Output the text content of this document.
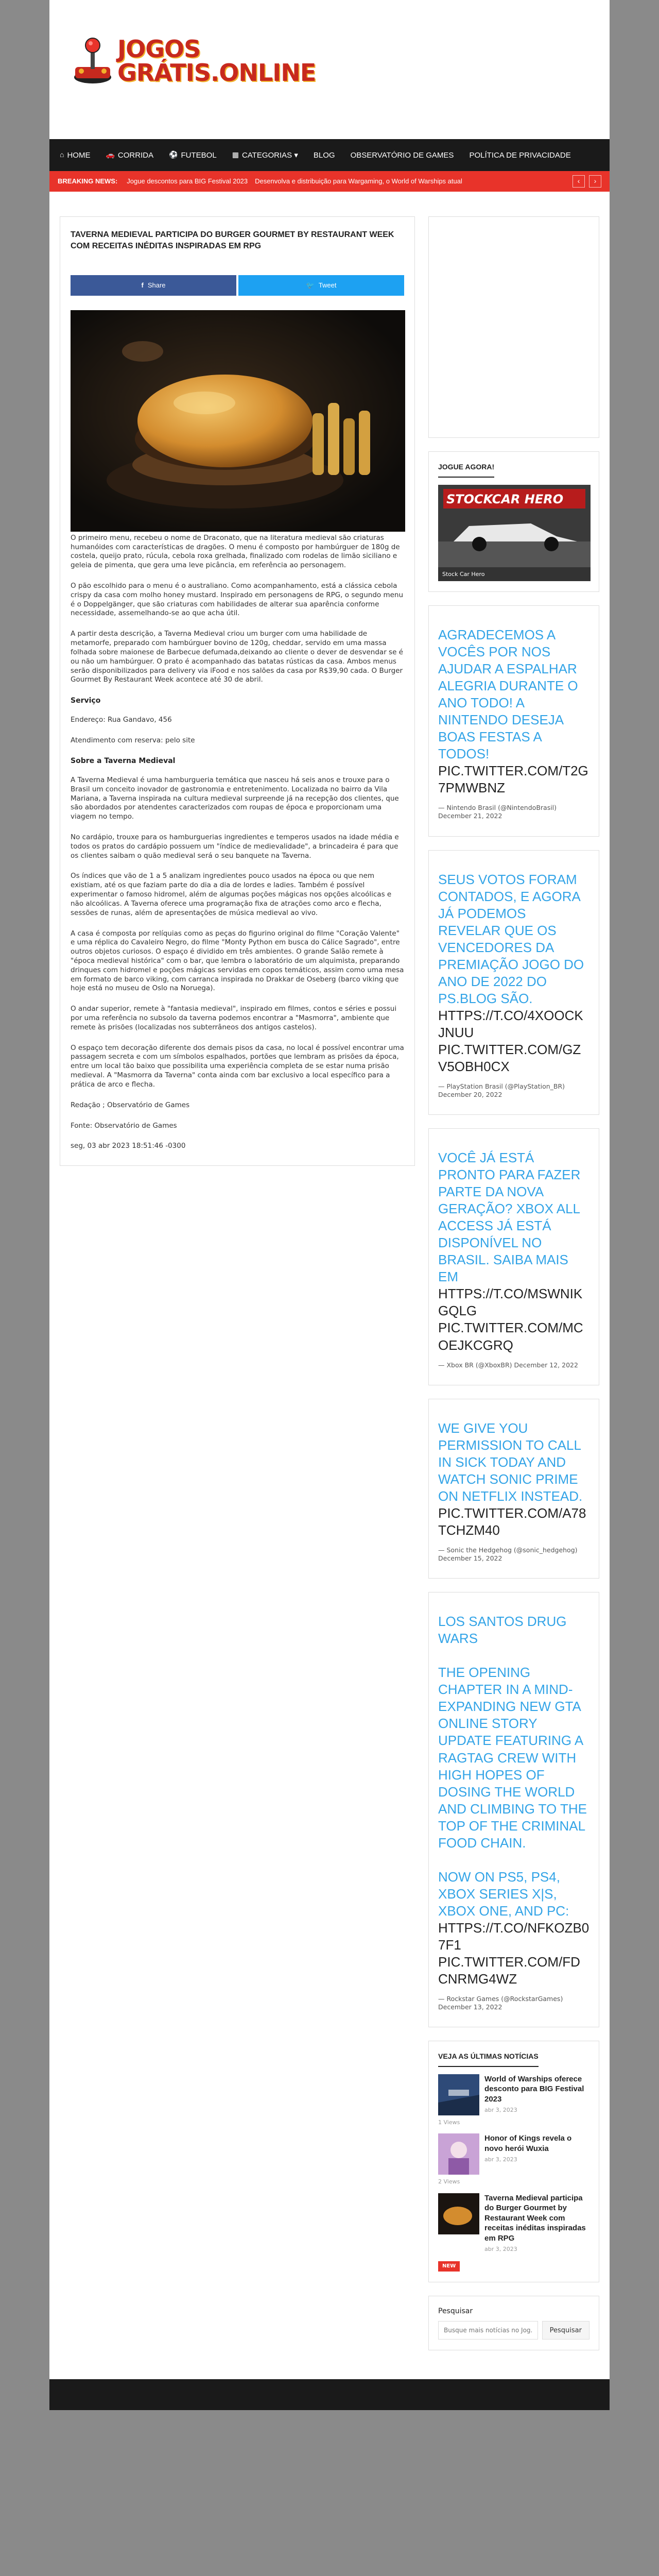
JOGOS
GRÁTIS.ONLINE
⌂ HOME 🚗 CORRIDA ⚽ FUTEBOL ▦ CATEGORIAS ▾ BLOG OBSERVATÓRIO DE GAMES POLÍTICA DE PRIVACIDADE
BREAKING NEWS: Jogue descontos para BIG Festival 2023 Desenvolva e distribuição para Wargaming, o World of Warships atual	‹	›
TAVERNA MEDIEVAL PARTICIPA DO BURGER GOURMET BY RESTAURANT WEEK COM RECEITAS INÉDITAS INSPIRADAS EM RPG
f Share	🐦 Tweet

O primeiro menu, recebeu o nome de Draconato, que na literatura medieval são criaturas humanóides com características de dragões. O menu é composto por hambúrguer de 180g de costela, queijo prato, rúcula, cebola roxa grelhada, finalizado com rodelas de limão siciliano e geleia de pimenta, que gera uma leve picância, em referência ao personagem.

O pão escolhido para o menu é o australiano. Como acompanhamento, está a clássica cebola crispy da casa com molho honey mustard. Inspirado em personagens de RPG, o segundo menu é o Doppelgänger, que são criaturas com habilidades de alterar sua aparência conforme necessidade, assemelhando-se ao que acha útil.

A partir desta descrição, a Taverna Medieval criou um burger com uma habilidade de metamorfe, preparado com hambúrguer bovino de 120g, cheddar, servido em uma massa folhada sobre maionese de Barbecue defumada,deixando ao cliente o dever de desvendar se é ou não um hambúrguer. O prato é acompanhado das batatas rústicas da casa. Ambos menus serão disponibilizados para delivery via iFood e nos salões da casa por R$39,90 cada. O Burger Gourmet By Restaurant Week acontece até 30 de abril.

Serviço

Endereço: Rua Gandavo, 456

Atendimento com reserva: pelo site

Sobre a Taverna Medieval

A Taverna Medieval é uma hamburgueria temática que nasceu há seis anos e trouxe para o Brasil um conceito inovador de gastronomia e entretenimento. Localizada no bairro da Vila Mariana, a Taverna inspirada na cultura medieval surpreende já na recepção dos clientes, que são abordados por atendentes caracterizados com roupas de época e proporcionam uma viagem no tempo.

No cardápio, trouxe para os hamburguerias ingredientes e temperos usados na idade média e todos os pratos do cardápio possuem um "índice de medievalidade", a brincadeira é para que os clientes saibam o quão medieval será o seu banquete na Taverna.

Os índices que vão de 1 a 5 analizam ingredientes pouco usados na época ou que nem existiam, até os que faziam parte do dia a dia de lordes e ladies. Também é possível experimentar o famoso hidromel, além de algumas poções mágicas nos opções alcoólicas e não alcoólicas. A Taverna oferece uma programação fixa de atrações como arco e flecha, sessões de runas, além de apresentações de música medieval ao vivo.

A casa é composta por relíquias como as peças do figurino original do filme "Coração Valente" e uma réplica do Cavaleiro Negro, do filme "Monty Python em busca do Cálice Sagrado", entre outros objetos curiosos. O espaço é dividido em três ambientes. O grande Salão remete à "época medieval histórica" com o bar, que lembra o laboratório de um alquimista, preparando drinques com hidromel e poções mágicas servidas em copos temáticos, assim como uma mesa em formato de barco viking, com carranca inspirada no Drakkar de Oseberg (barco viking que hoje está no museu de Oslo na Noruega).

O andar superior, remete à "fantasia medieval", inspirado em filmes, contos e séries e possui por uma referência no subsolo da taverna podemos encontrar a "Masmorra", ambiente que remete às prisões (localizadas nos subterrâneos dos antigos castelos).

O espaço tem decoração diferente dos demais pisos da casa, no local é possível encontrar uma passagem secreta e com um símbolos espalhados, portões que lembram as prisões da época, entre um local tão baixo que possibilita uma experiência completa de se estar numa prisão medieval. A "Masmorra da Taverna" conta ainda com bar exclusivo a local específico para a prática de arco e flecha.

Redação ; Observatório de Games

Fonte: Observatório de Games

seg, 03 abr 2023 18:51:46 -0300

JOGUE AGORA!
STOCKCAR HERO
Stock Car Hero
AGRADECEMOS A VOCÊS POR NOS AJUDAR A ESPALHAR ALEGRIA DURANTE O ANO TODO! A NINTENDO DESEJA BOAS FESTAS A TODOS!
PIC.TWITTER.COM/T2G7PMWBNZ
— Nintendo Brasil (@NintendoBrasil) December 21, 2022
SEUS VOTOS FORAM CONTADOS, E AGORA JÁ PODEMOS REVELAR QUE OS VENCEDORES DA PREMIAÇÃO JOGO DO ANO DE 2022 DO PS.BLOG SÃO.
HTTPS://T.CO/4XOOCKJNUU PIC.TWITTER.COM/GZV5OBH0CX
— PlayStation Brasil (@PlayStation_BR) December 20, 2022
VOCÊ JÁ ESTÁ PRONTO PARA FAZER PARTE DA NOVA GERAÇÃO? XBOX ALL ACCESS JÁ ESTÁ DISPONÍVEL NO BRASIL. SAIBA MAIS EM
HTTPS://T.CO/MSWNIKGQLG PIC.TWITTER.COM/MCOEJKCGRQ
— Xbox BR (@XboxBR) December 12, 2022
WE GIVE YOU PERMISSION TO CALL IN SICK TODAY AND WATCH SONIC PRIME ON NETFLIX INSTEAD.
PIC.TWITTER.COM/A78TCHZM40
— Sonic the Hedgehog (@sonic_hedgehog) December 15, 2022
LOS SANTOS DRUG WARS

THE OPENING CHAPTER IN A MIND-EXPANDING NEW GTA ONLINE STORY UPDATE FEATURING A RAGTAG CREW WITH HIGH HOPES OF DOSING THE WORLD AND CLIMBING TO THE TOP OF THE CRIMINAL FOOD CHAIN.

NOW ON PS5, PS4, XBOX SERIES X|S, XBOX ONE, AND PC:
HTTPS://T.CO/NFKOZB07F1 PIC.TWITTER.COM/FDCNRMG4WZ
— Rockstar Games (@RockstarGames) December 13, 2022
VEJA AS ÚLTIMAS NOTÍCIAS
World of Warships oferece desconto para BIG Festival 2023
abr 3, 2023
1 Views
Honor of Kings revela o novo herói Wuxia
abr 3, 2023
2 Views
Taverna Medieval participa do Burger Gourmet by Restaurant Week com receitas inéditas inspiradas em RPG
abr 3, 2023
NEW
Pesquisar
Busque mais notícias no Jog...
Pesquisar
